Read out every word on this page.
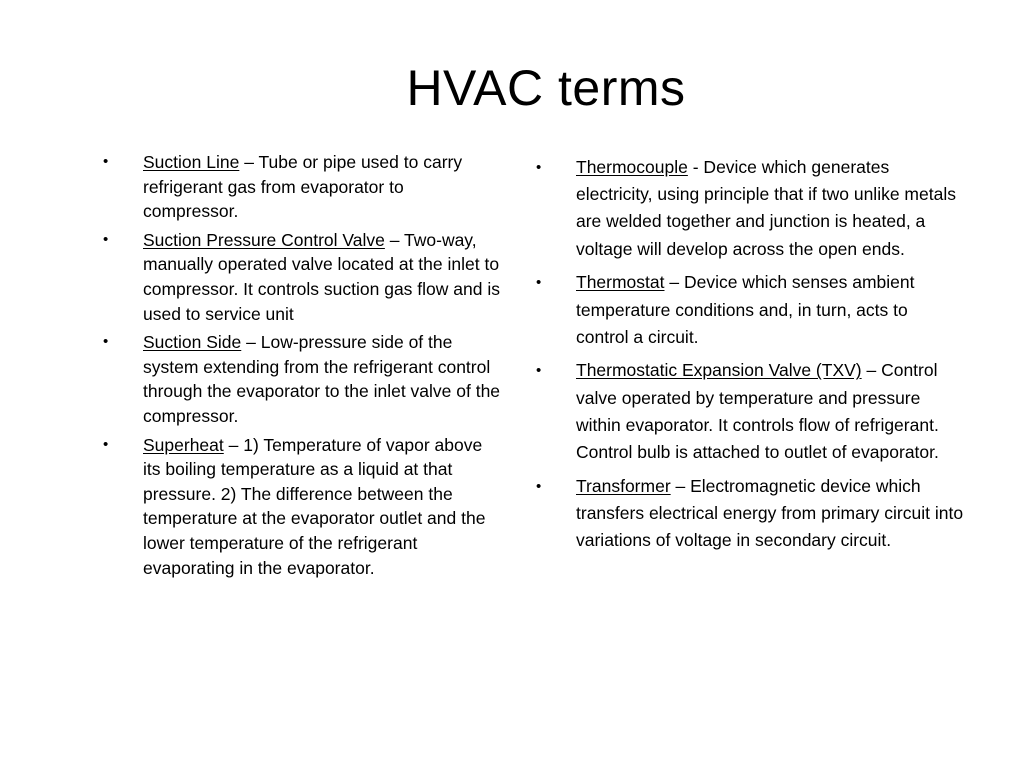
HVAC terms
• Suction Line – Tube or pipe used to carry refrigerant gas from evaporator to compressor.
• Suction Pressure Control Valve – Two-way, manually operated valve located at the inlet to compressor. It controls suction gas flow and is used to service unit
• Suction Side – Low-pressure side of the system extending from the refrigerant control through the evaporator to the inlet valve of the compressor.
• Superheat – 1) Temperature of vapor above its boiling temperature as a liquid at that pressure. 2) The difference between the temperature at the evaporator outlet and the lower temperature of the refrigerant evaporating in the evaporator.
• Thermocouple - Device which generates electricity, using principle that if two unlike metals are welded together and junction is heated, a voltage will develop across the open ends.
• Thermostat – Device which senses ambient temperature conditions and, in turn, acts to control a circuit.
• Thermostatic Expansion Valve (TXV) – Control valve operated by temperature and pressure within evaporator. It controls flow of refrigerant. Control bulb is attached to outlet of evaporator.
• Transformer – Electromagnetic device which transfers electrical energy from primary circuit into variations of voltage in secondary circuit.
